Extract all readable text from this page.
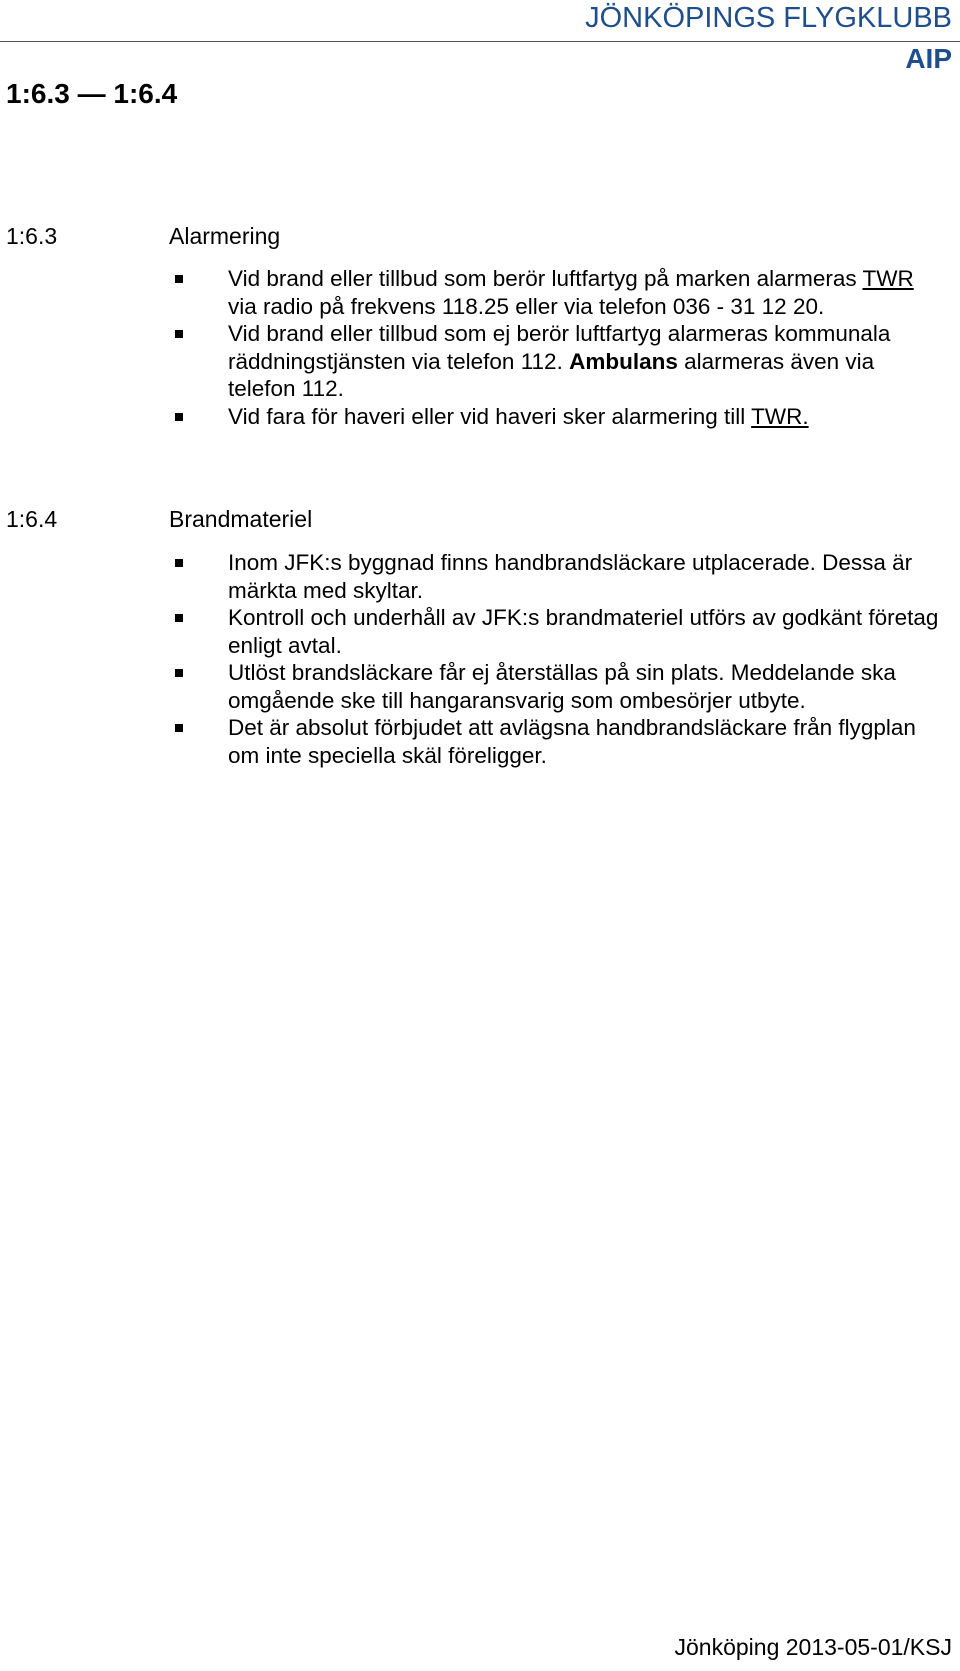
JÖNKÖPINGS FLYGKLUBB
AIP
1:6.3 — 1:6.4
1:6.3	Alarmering
Vid brand eller tillbud som berör luftfartyg på marken alarmeras TWR via radio på frekvens 118.25 eller via telefon 036 - 31 12 20.
Vid brand eller tillbud som ej berör luftfartyg alarmeras kommunala räddningstjänsten via telefon 112. Ambulans alarmeras även via telefon 112.
Vid fara för haveri eller vid haveri sker alarmering till TWR.
1:6.4	Brandmateriel
Inom JFK:s byggnad finns handbrandsläckare utplacerade. Dessa är märkta med skyltar.
Kontroll och underhåll av JFK:s brandmateriel utförs av godkänt företag enligt avtal.
Utlöst brandsläckare får ej återställas på sin plats. Meddelande ska omgående ske till hangaransvarig som ombesörjer utbyte.
Det är absolut förbjudet att avlägsna handbrandsläckare från flygplan om inte speciella skäl föreligger.
Jönköping 2013-05-01/KSJ
